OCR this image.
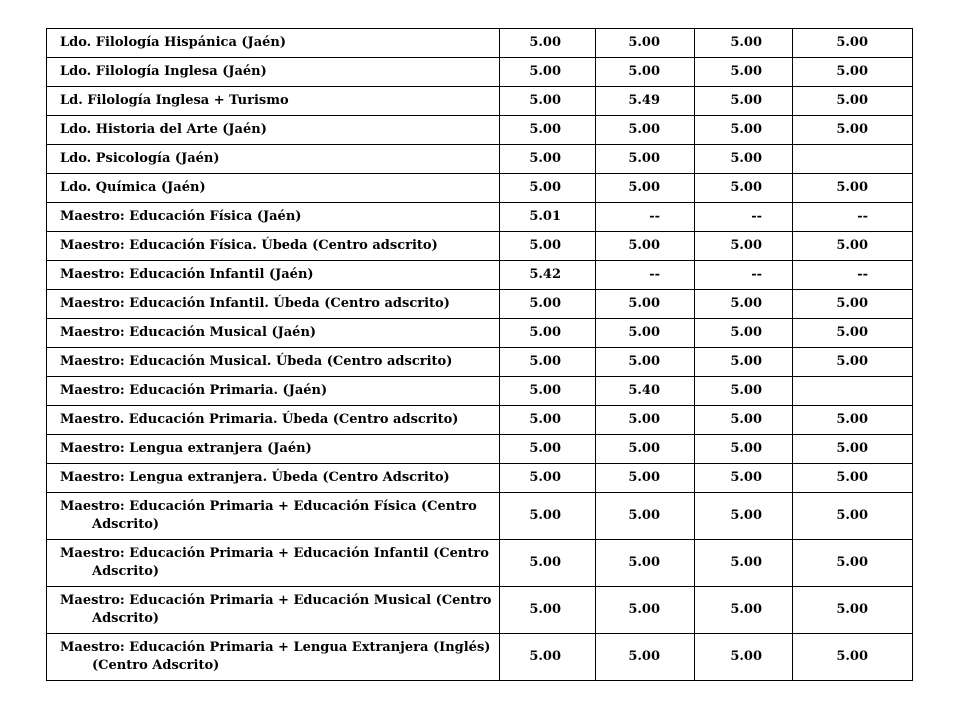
Ldo. Filología Hispánica (Jaén)	5.00	5.00	5.00	5.00

Ldo. Filología Inglesa (Jaén)	5.00	5.00	5.00	5.00

Ld. Filología Inglesa + Turismo	5.00	5.49	5.00	5.00

Ldo. Historia del Arte (Jaén)	5.00	5.00	5.00	5.00

Ldo. Psicología (Jaén)	5.00	5.00	5.00	

Ldo. Química (Jaén)	5.00	5.00	5.00	5.00

Maestro: Educación Física (Jaén)	5.01	--	--	--

Maestro: Educación Física. Úbeda (Centro adscrito)	5.00	5.00	5.00	5.00

Maestro: Educación Infantil (Jaén)	5.42	--	--	--

Maestro: Educación Infantil. Úbeda (Centro adscrito)	5.00	5.00	5.00	5.00

Maestro: Educación Musical (Jaén)	5.00	5.00	5.00	5.00

Maestro: Educación Musical. Úbeda (Centro adscrito)	5.00	5.00	5.00	5.00

Maestro: Educación Primaria. (Jaén)	5.00	5.40	5.00	

Maestro. Educación Primaria. Úbeda (Centro adscrito)	5.00	5.00	5.00	5.00

Maestro: Lengua extranjera (Jaén)	5.00	5.00	5.00	5.00

Maestro: Lengua extranjera. Úbeda (Centro Adscrito)	5.00	5.00	5.00	5.00

Maestro: Educación Primaria + Educación Física (Centro Adscrito)	5.00	5.00	5.00	5.00

Maestro: Educación Primaria + Educación Infantil (Centro Adscrito)	5.00	5.00	5.00	5.00

Maestro: Educación Primaria + Educación Musical (Centro Adscrito)	5.00	5.00	5.00	5.00

Maestro: Educación Primaria + Lengua Extranjera (Inglés)(Centro Adscrito)	5.00	5.00	5.00	5.00
